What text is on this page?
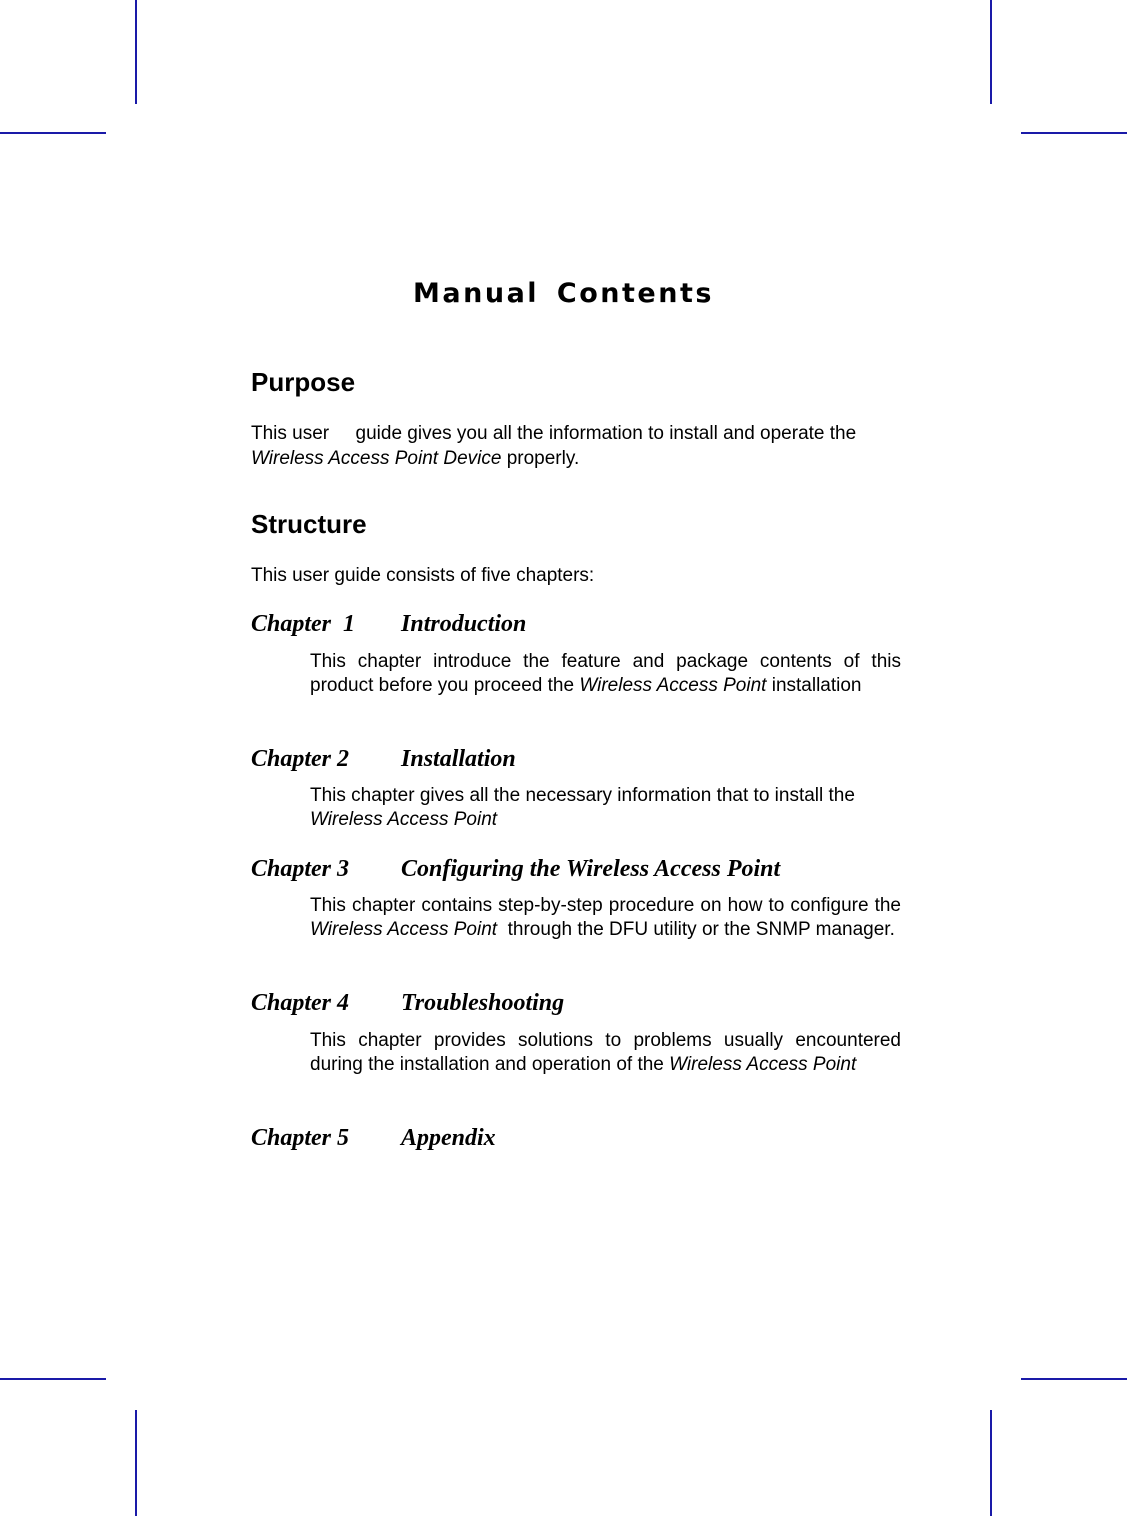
Manual Contents
Purpose
This user     guide gives you all the information to install and operate the
Wireless Access Point Device properly.
Structure
This user guide consists of five chapters:
Chapter  1 Introduction
This chapter introduce the feature and package contents of this product before you proceed the Wireless Access Point installation
Chapter 2 Installation
This chapter gives all the necessary information that to install the Wireless Access Point
Chapter 3 Configuring the Wireless Access Point
This chapter contains step-by-step procedure on how to configure the Wireless Access Point  through the DFU utility or the SNMP manager.
Chapter 4 Troubleshooting
This chapter provides solutions to problems usually encountered during the installation and operation of the Wireless Access Point
Chapter 5 Appendix
